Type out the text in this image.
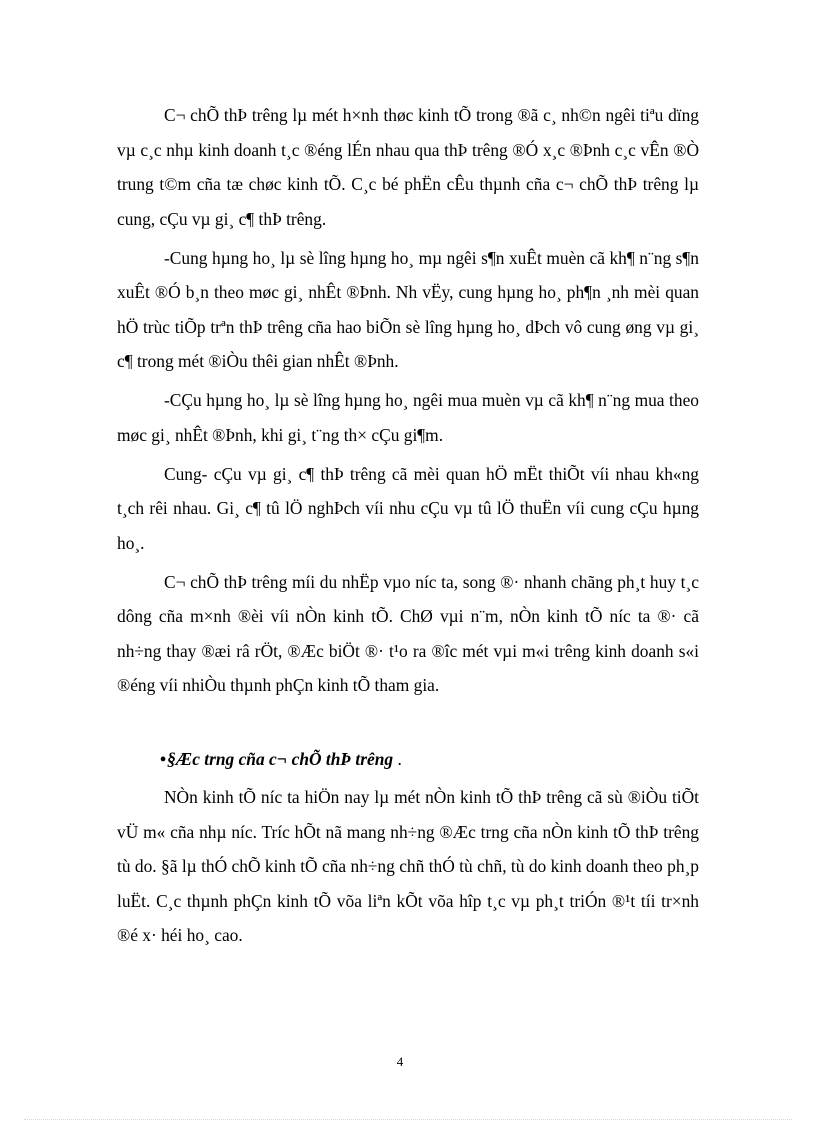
C¬ chÕ thÞ trêng lµ mét h×nh thøc kinh tÕ trong ®ã c¸ nh©n ngêi tiªu dïng vµ c¸c nhµ kinh doanh t¸c ®éng lÉn nhau qua thÞ trêng ®Ó x¸c ®Þnh c¸c vÊn ®Ò trung t©m cña tæ chøc kinh tÕ. C¸c bé phËn cÊu thµnh cña c¬ chÕ thÞ trêng lµ cung, cÇu vµ gi¸ c¶ thÞ trêng.

-Cung hµng ho¸ lµ sè lîng hµng ho¸ mµ ngêi s¶n xuÊt muèn cã kh¶ n¨ng s¶n xuÊt ®Ó b¸n theo møc gi¸ nhÊt ®Þnh. Nh vËy, cung hµng ho¸ ph¶n ¸nh mèi quan hÖ trùc tiÕp trªn thÞ trêng cña hao biÕn sè lîng hµng ho¸ dÞch vô cung øng vµ gi¸ c¶ trong mét ®iÒu thêi gian nhÊt ®Þnh.

-CÇu hµng ho¸ lµ sè lîng hµng ho¸ ngêi mua muèn vµ cã kh¶ n¨ng mua theo møc gi¸ nhÊt ®Þnh, khi gi¸ t¨ng th× cÇu gi¶m.

Cung- cÇu vµ gi¸ c¶ thÞ trêng cã mèi quan hÖ mËt thiÕt víi nhau kh«ng t¸ch rêi nhau. Gi¸ c¶ tû lÖ nghÞch víi nhu cÇu vµ tû lÖ thuËn víi cung cÇu hµng ho¸.

C¬ chÕ thÞ trêng míi du nhËp vµo níc ta, song ®· nhanh chãng ph¸t huy t¸c dông cña m×nh ®èi víi nÒn kinh tÕ. ChØ vµi n¨m, nÒn kinh tÕ níc ta ®· cã nh÷ng thay ®æi râ rÖt, ®Æc biÖt ®· t¹o ra ®îc mét vµi m«i trêng kinh doanh s«i ®éng víi nhiÒu thµnh phÇn kinh tÕ tham gia.

•§Æc trng cña c¬ chÕ thÞ trêng .

NÒn kinh tÕ níc ta hiÖn nay lµ mét nÒn kinh tÕ thÞ trêng cã sù ®iÒu tiÕt vÜ m« cña nhµ níc. Tríc hÕt nã mang nh÷ng ®Æc trng cña nÒn kinh tÕ thÞ trêng tù do. §ã lµ thÓ chÕ kinh tÕ cña nh÷ng chñ thÓ tù chñ, tù do kinh doanh theo ph¸p luËt. C¸c thµnh phÇn kinh tÕ võa liªn kÕt võa hîp t¸c vµ ph¸t triÓn ®¹t tíi tr×nh ®é x· héi ho¸ cao.

4
